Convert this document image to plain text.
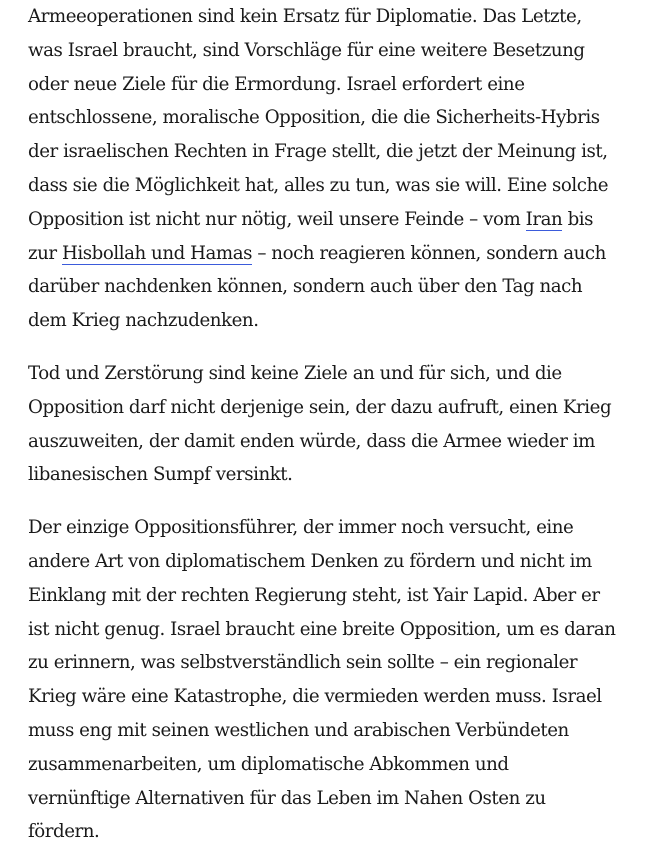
Armeeoperationen sind kein Ersatz für Diplomatie. Das Letzte,
was Israel braucht, sind Vorschläge für eine weitere Besetzung
oder neue Ziele für die Ermordung. Israel erfordert eine
entschlossene, moralische Opposition, die die Sicherheits-Hybris
der israelischen Rechten in Frage stellt, die jetzt der Meinung ist,
dass sie die Möglichkeit hat, alles zu tun, was sie will. Eine solche
Opposition ist nicht nur nötig, weil unsere Feinde – vom Iran bis
zur Hisbollah und Hamas – noch reagieren können, sondern auch
darüber nachdenken können, sondern auch über den Tag nach
dem Krieg nachzudenken.

Tod und Zerstörung sind keine Ziele an und für sich, und die
Opposition darf nicht derjenige sein, der dazu aufruft, einen Krieg
auszuweiten, der damit enden würde, dass die Armee wieder im
libanesischen Sumpf versinkt.

Der einzige Oppositionsführer, der immer noch versucht, eine
andere Art von diplomatischem Denken zu fördern und nicht im
Einklang mit der rechten Regierung steht, ist Yair Lapid. Aber er
ist nicht genug. Israel braucht eine breite Opposition, um es daran
zu erinnern, was selbstverständlich sein sollte – ein regionaler
Krieg wäre eine Katastrophe, die vermieden werden muss. Israel
muss eng mit seinen westlichen und arabischen Verbündeten
zusammenarbeiten, um diplomatische Abkommen und
vernünftige Alternativen für das Leben im Nahen Osten zu
fördern.
